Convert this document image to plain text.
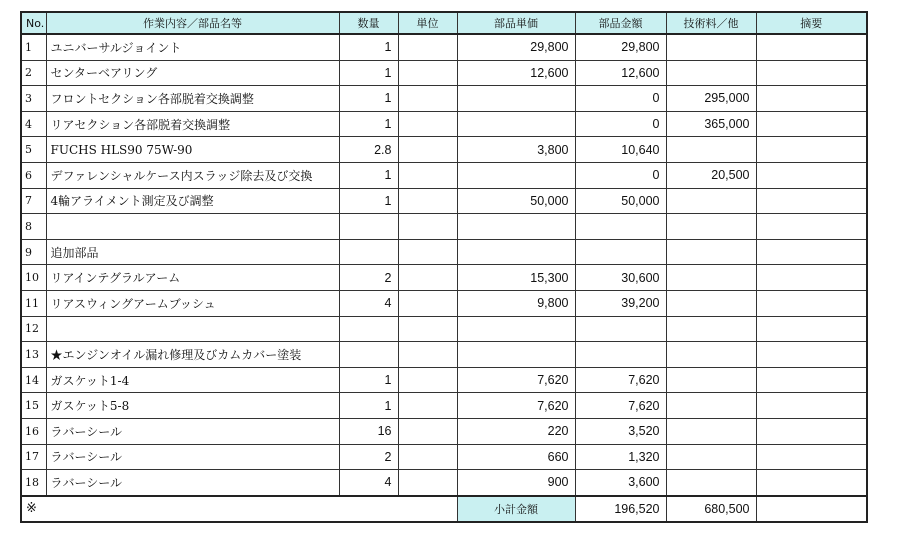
No.	作業内容／部品名等	数量	単位	部品単価	部品金額	技術料／他	摘要
1	ユニバーサルジョイント	1		29,800	29,800		
2	センターベアリング	1		12,600	12,600		
3	フロントセクション各部脱着交換調整	1			0	295,000	
4	リアセクション各部脱着交換調整	1			0	365,000	
5	FUCHS HLS90 75W-90	2.8		3,800	10,640		
6	デファレンシャルケース内スラッジ除去及び交換	1			0	20,500	
7	4輪アライメント測定及び調整	1		50,000	50,000		
8							
9	追加部品						
10	リアインテグラルアーム	2		15,300	30,600		
11	リアスウィングアームブッシュ	4		9,800	39,200		
12							
13	★エンジンオイル漏れ修理及びカムカバー塗装						
14	ガスケット1-4	1		7,620	7,620		
15	ガスケット5-8	1		7,620	7,620		
16	ラバーシール	16		220	3,520		
17	ラバーシール	2		660	1,320		
18	ラバーシール	4		900	3,600		
※				小計金額	196,520	680,500	
